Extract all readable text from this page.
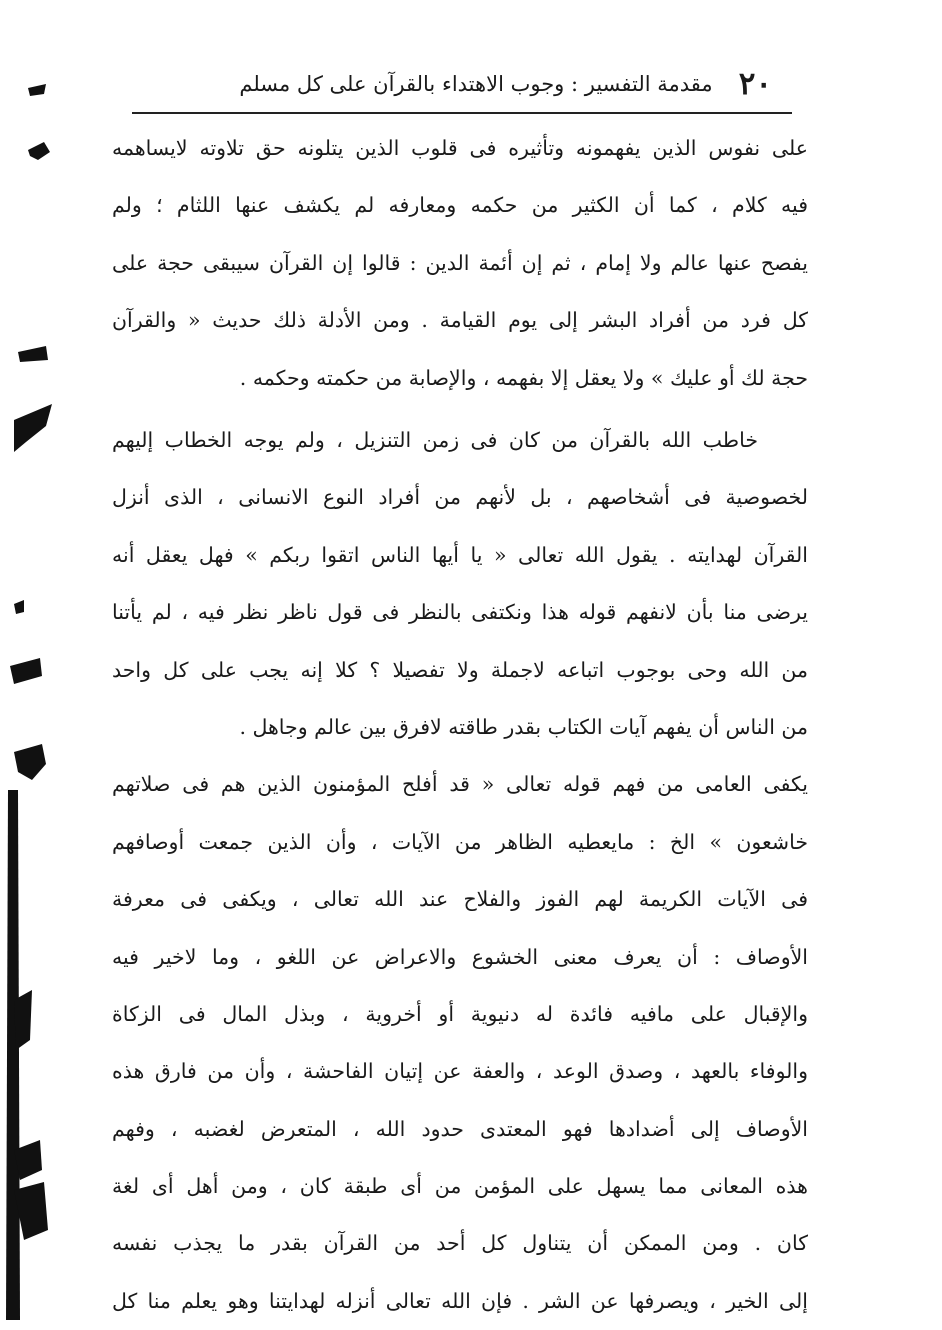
٢٠
مقدمة التفسير : وجوب الاهتداء بالقرآن على كل مسلم
على نفوس الذين يفهمونه وتأثيره فى قلوب الذين يتلونه حق تلاوته لايساهمه
فيه كلام ، كما أن الكثير من حكمه ومعارفه لم يكشف عنها اللثام ؛ ولم
يفصح عنها عالم ولا إمام ، ثم إن أئمة الدين : قالوا إن القرآن سيبقى حجة على
كل فرد من أفراد البشر إلى يوم القيامة . ومن الأدلة ذلك حديث « والقرآن
حجة لك أو عليك » ولا يعقل إلا بفهمه ، والإصابة من حكمته وحكمه .
خاطب الله بالقرآن من كان فى زمن التنزيل ، ولم يوجه الخطاب إليهم
لخصوصية فى أشخاصهم ، بل لأنهم من أفراد النوع الانسانى ، الذى أنزل
القرآن لهدايته . يقول الله تعالى « يا أيها الناس اتقوا ربكم » فهل يعقل أنه
يرضى منا بأن لانفهم قوله هذا ونكتفى بالنظر فى قول ناظر نظر فيه ، لم يأتنا
من الله وحى بوجوب اتباعه لاجملة ولا تفصيلا ؟ كلا إنه يجب على كل واحد
من الناس أن يفهم آيات الكتاب بقدر طاقته لافرق بين عالم وجاهل .
يكفى العامى من فهم قوله تعالى « قد أفلح المؤمنون الذين هم فى صلاتهم
خاشعون » الخ : مايعطيه الظاهر من الآيات ، وأن الذين جمعت أوصافهم
فى الآيات الكريمة لهم الفوز والفلاح عند الله تعالى ، ويكفى فى معرفة
الأوصاف : أن يعرف معنى الخشوع والاعراض عن اللغو ، وما لاخير فيه
والإقبال على مافيه فائدة له دنيوية أو أخروية ، وبذل المال فى الزكاة
والوفاء بالعهد ، وصدق الوعد ، والعفة عن إتيان الفاحشة ، وأن من فارق هذه
الأوصاف إلى أضدادها فهو المعتدى حدود الله ، المتعرض لغضبه ، وفهم
هذه المعانى مما يسهل على المؤمن من أى طبقة كان ، ومن أهل أى لغة
كان . ومن الممكن أن يتناول كل أحد من القرآن بقدر ما يجذب نفسه
إلى الخير ، ويصرفها عن الشر . فإن الله تعالى أنزله لهدايتنا وهو يعلم منا كل
